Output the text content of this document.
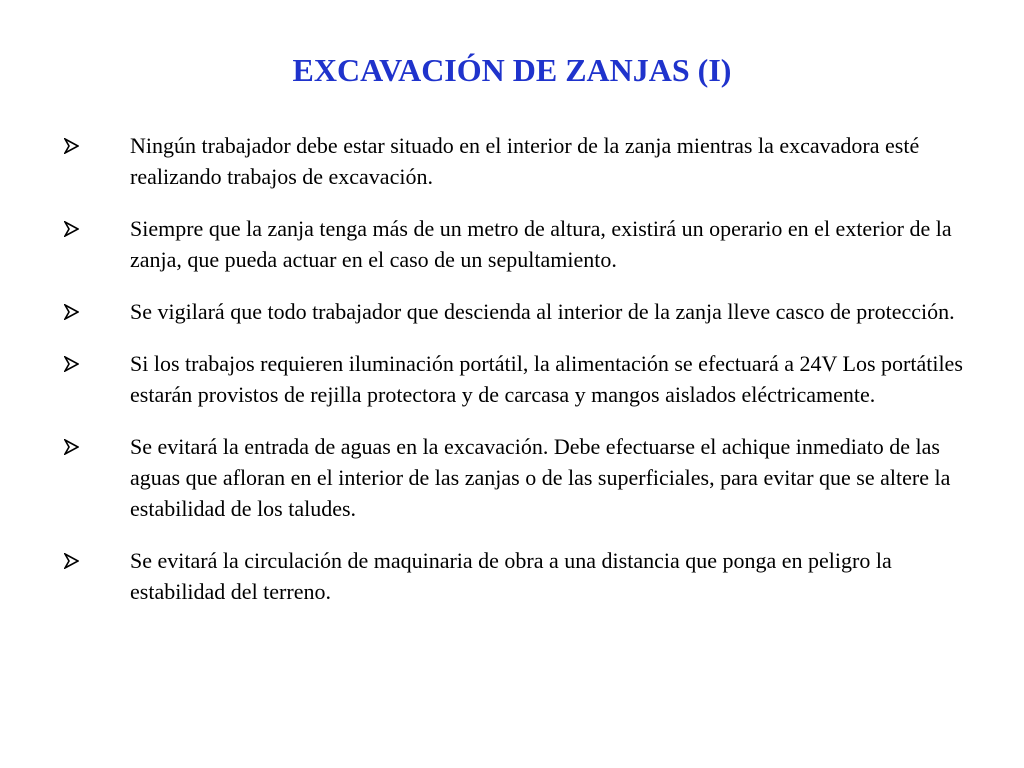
EXCAVACIÓN DE ZANJAS (I)
Ningún trabajador debe estar situado en el interior de la zanja mientras la excavadora esté realizando trabajos de excavación.
Siempre que la zanja tenga más de un metro de altura, existirá un operario en el exterior de la zanja, que pueda actuar en el caso de un sepultamiento.
Se vigilará que todo trabajador que descienda al interior de la zanja lleve casco de protección.
Si los trabajos requieren iluminación portátil, la alimentación se efectuará a 24V Los portátiles estarán provistos de rejilla protectora y de carcasa y mangos aislados eléctricamente.
Se evitará la entrada de aguas en la excavación. Debe efectuarse el achique inmediato de las aguas que afloran en el interior de las zanjas o de las superficiales, para evitar que se altere la estabilidad de los taludes.
Se evitará la circulación de maquinaria de obra a una distancia que ponga en peligro la estabilidad del terreno.
